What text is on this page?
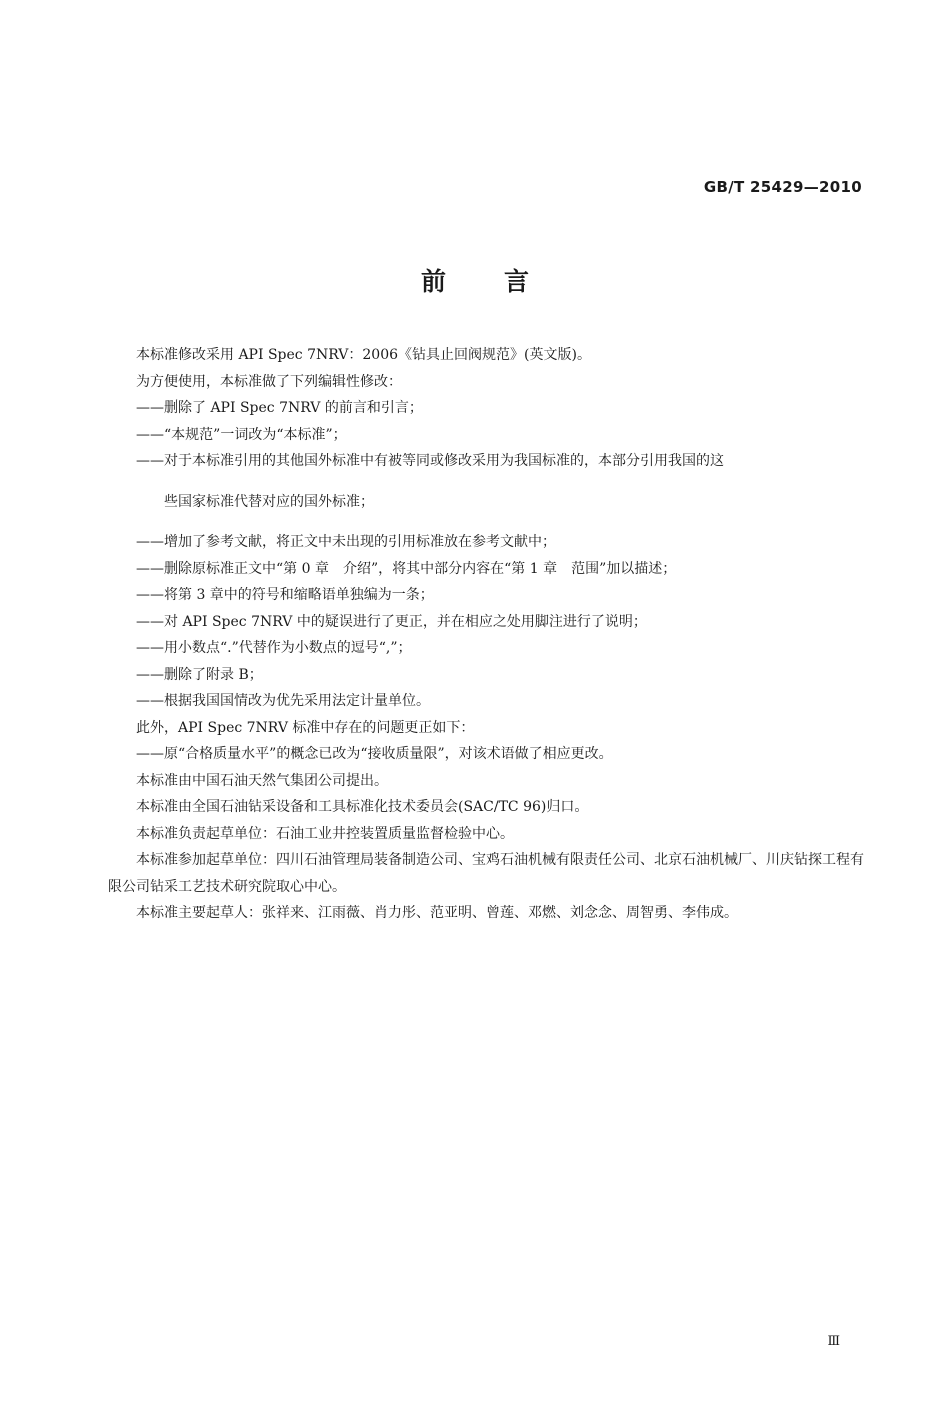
GB/T 25429—2010
前言

本标准修改采用 API Spec 7NRV：2006《钻具止回阀规范》(英文版)。

为方便使用，本标准做了下列编辑性修改：

——删除了 API Spec 7NRV 的前言和引言；

——“本规范”一词改为“本标准”；

——对于本标准引用的其他国外标准中有被等同或修改采用为我国标准的，本部分引用我国的这

些国家标准代替对应的国外标准；

——增加了参考文献，将正文中未出现的引用标准放在参考文献中；

——删除原标准正文中“第 0 章　介绍”，将其中部分内容在“第 1 章　范围”加以描述；

——将第 3 章中的符号和缩略语单独编为一条；

——对 API Spec 7NRV 中的疑误进行了更正，并在相应之处用脚注进行了说明；

——用小数点“.”代替作为小数点的逗号“,”；

——删除了附录 B；

——根据我国国情改为优先采用法定计量单位。

此外，API Spec 7NRV 标准中存在的问题更正如下：

——原“合格质量水平”的概念已改为“接收质量限”，对该术语做了相应更改。

本标准由中国石油天然气集团公司提出。

本标准由全国石油钻采设备和工具标准化技术委员会(SAC/TC 96)归口。

本标准负责起草单位：石油工业井控装置质量监督检验中心。

本标准参加起草单位：四川石油管理局装备制造公司、宝鸡石油机械有限责任公司、北京石油机械厂、川庆钻探工程有限公司钻采工艺技术研究院取心中心。

本标准主要起草人：张祥来、江雨薇、肖力彤、范亚明、曾莲、邓燃、刘念念、周智勇、李伟成。

Ⅲ
